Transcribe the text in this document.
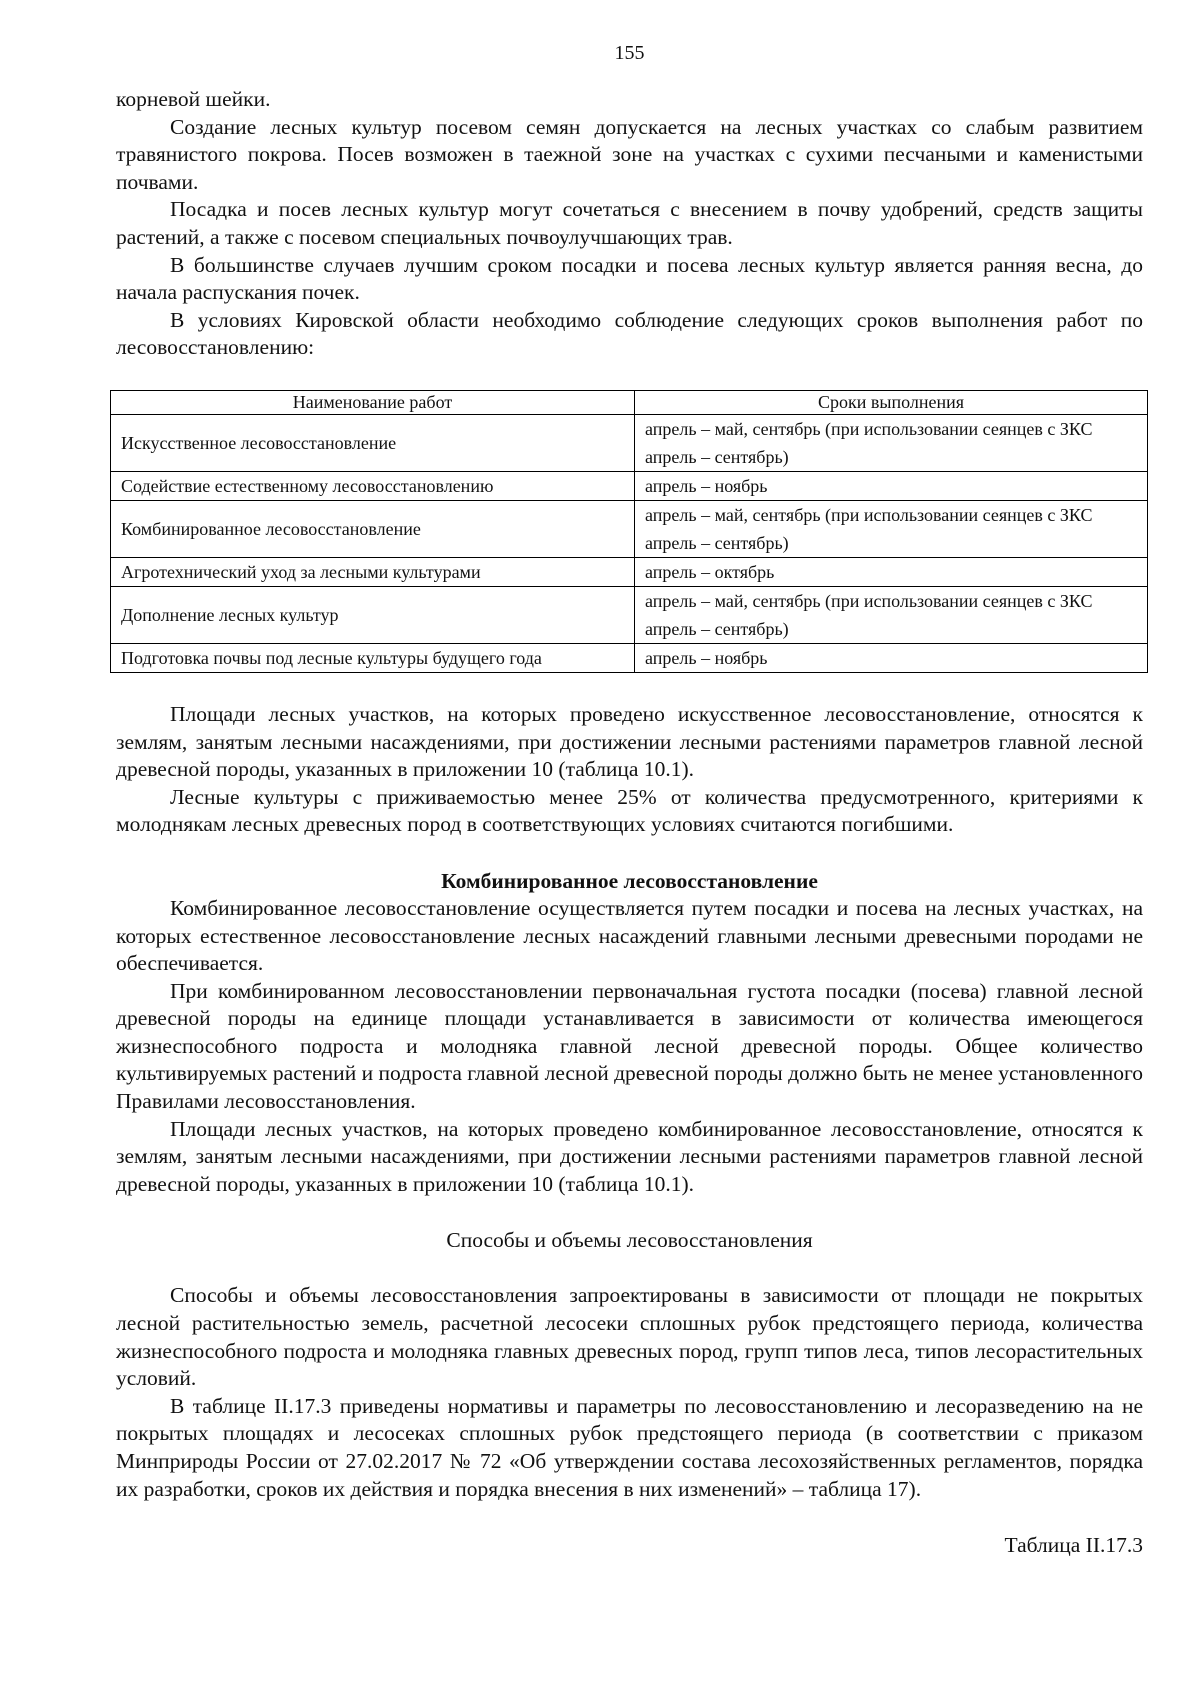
155

корневой шейки.

Создание лесных культур посевом семян допускается на лесных участках со слабым развитием травянистого покрова. Посев возможен в таежной зоне на участках с сухими песчаными и каменистыми почвами.

Посадка и посев лесных культур могут сочетаться с внесением в почву удобрений, средств защиты растений, а также с посевом специальных почвоулучшающих трав.

В большинстве случаев лучшим сроком посадки и посева лесных культур является ранняя весна, до начала распускания почек.

В условиях Кировской области необходимо соблюдение следующих сроков выполнения работ по лесовосстановлению:

Наименование работ	Сроки выполнения
Искусственное лесовосстановление	апрель – май, сентябрь (при использовании сеянцев с ЗКС апрель – сентябрь)
Содействие естественному лесовосстановлению	апрель – ноябрь
Комбинированное лесовосстановление	апрель – май, сентябрь (при использовании сеянцев с ЗКС апрель – сентябрь)
Агротехнический уход за лесными культурами	апрель – октябрь
Дополнение лесных культур	апрель – май, сентябрь (при использовании сеянцев с ЗКС апрель – сентябрь)
Подготовка почвы под лесные культуры будущего года	апрель – ноябрь

Площади лесных участков, на которых проведено искусственное лесовосстановление, относятся к землям, занятым лесными насаждениями, при достижении лесными растениями параметров главной лесной древесной породы, указанных в приложении 10 (таблица 10.1).

Лесные культуры с приживаемостью менее 25% от количества предусмотренного, критериями к молоднякам лесных древесных пород в соответствующих условиях считаются погибшими.

Комбинированное лесовосстановление

Комбинированное лесовосстановление осуществляется путем посадки и посева на лесных участках, на которых естественное лесовосстановление лесных насаждений главными лесными древесными породами не обеспечивается.

При комбинированном лесовосстановлении первоначальная густота посадки (посева) главной лесной древесной породы на единице площади устанавливается в зависимости от количества имеющегося жизнеспособного подроста и молодняка главной лесной древесной породы. Общее количество культивируемых растений и подроста главной лесной древесной породы должно быть не менее установленного Правилами лесовосстановления.

Площади лесных участков, на которых проведено комбинированное лесовосстановление, относятся к землям, занятым лесными насаждениями, при достижении лесными растениями параметров главной лесной древесной породы, указанных в приложении 10 (таблица 10.1).

Способы и объемы лесовосстановления

Способы и объемы лесовосстановления запроектированы в зависимости от площади не покрытых лесной растительностью земель, расчетной лесосеки сплошных рубок предстоящего периода, количества жизнеспособного подроста и молодняка главных древесных пород, групп типов леса, типов лесорастительных условий.

В таблице II.17.3 приведены нормативы и параметры по лесовосстановлению и лесоразведению на не покрытых площадях и лесосеках сплошных рубок предстоящего периода (в соответствии с приказом Минприроды России от 27.02.2017 № 72 «Об утверждении состава лесохозяйственных регламентов, порядка их разработки, сроков их действия и порядка внесения в них изменений» – таблица 17).

Таблица II.17.3
